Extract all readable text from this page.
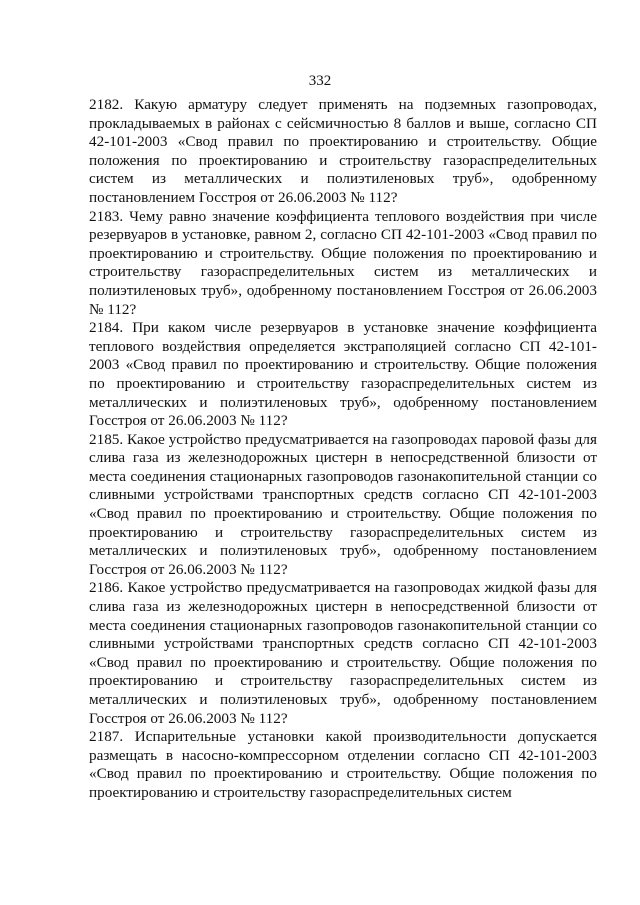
332

2182. Какую арматуру следует применять на подземных газопроводах, прокладываемых в районах с сейсмичностью 8 баллов и выше, согласно СП 42-101-2003 «Свод правил по проектированию и строительству. Общие положения по проектированию и строительству газораспределительных систем из металлических и полиэтиленовых труб», одобренному постановлением Госстроя от 26.06.2003 № 112?

2183. Чему равно значение коэффициента теплового воздействия при числе резервуаров в установке, равном 2, согласно СП 42-101-2003 «Свод правил по проектированию и строительству. Общие положения по проектированию и строительству газораспределительных систем из металлических и полиэтиленовых труб», одобренному постановлением Госстроя от 26.06.2003 № 112?

2184. При каком числе резервуаров в установке значение коэффициента теплового воздействия определяется экстраполяцией согласно СП 42-101-2003 «Свод правил по проектированию и строительству. Общие положения по проектированию и строительству газораспределительных систем из металлических и полиэтиленовых труб», одобренному постановлением Госстроя от 26.06.2003 № 112?

2185. Какое устройство предусматривается на газопроводах паровой фазы для слива газа из железнодорожных цистерн в непосредственной близости от места соединения стационарных газопроводов газонакопительной станции со сливными устройствами транспортных средств согласно СП 42-101-2003 «Свод правил по проектированию и строительству. Общие положения по проектированию и строительству газораспределительных систем из металлических и полиэтиленовых труб», одобренному постановлением Госстроя от 26.06.2003 № 112?

2186. Какое устройство предусматривается на газопроводах жидкой фазы для слива газа из железнодорожных цистерн в непосредственной близости от места соединения стационарных газопроводов газонакопительной станции со сливными устройствами транспортных средств согласно СП 42-101-2003 «Свод правил по проектированию и строительству. Общие положения по проектированию и строительству газораспределительных систем из металлических и полиэтиленовых труб», одобренному постановлением Госстроя от 26.06.2003 № 112?

2187. Испарительные установки какой производительности допускается размещать в насосно-компрессорном отделении согласно СП 42-101-2003 «Свод правил по проектированию и строительству. Общие положения по проектированию и строительству газораспределительных систем
